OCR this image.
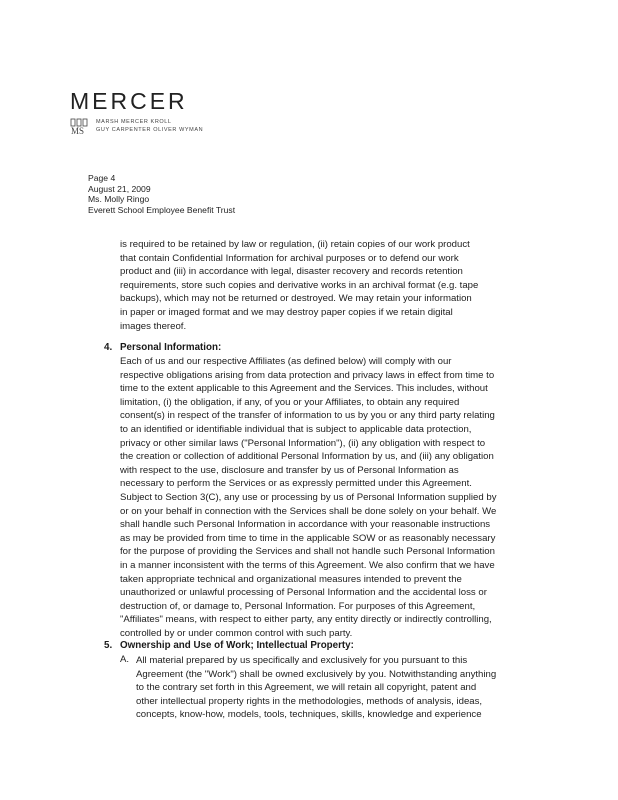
MERCER
MS
MARSH MERCER KROLL
GUY CARPENTER OLIVER WYMAN
Page 4
August 21, 2009
Ms. Molly Ringo
Everett School Employee Benefit Trust
is required to be retained by law or regulation, (ii) retain copies of our work product
that contain Confidential Information for archival purposes or to defend our work
product and (iii) in accordance with legal, disaster recovery and records retention
requirements, store such copies and derivative works in an archival format (e.g. tape
backups), which may not be returned or destroyed. We may retain your information
in paper or imaged format and we may destroy paper copies if we retain digital
images thereof.
4. Personal Information:
Each of us and our respective Affiliates (as defined below) will comply with our
respective obligations arising from data protection and privacy laws in effect from time to
time to the extent applicable to this Agreement and the Services. This includes, without
limitation, (i) the obligation, if any, of you or your Affiliates, to obtain any required
consent(s) in respect of the transfer of information to us by you or any third party relating
to an identified or identifiable individual that is subject to applicable data protection,
privacy or other similar laws ("Personal Information"), (ii) any obligation with respect to
the creation or collection of additional Personal Information by us, and (iii) any obligation
with respect to the use, disclosure and transfer by us of Personal Information as
necessary to perform the Services or as expressly permitted under this Agreement.
Subject to Section 3(C), any use or processing by us of Personal Information supplied by
or on your behalf in connection with the Services shall be done solely on your behalf. We
shall handle such Personal Information in accordance with your reasonable instructions
as may be provided from time to time in the applicable SOW or as reasonably necessary
for the purpose of providing the Services and shall not handle such Personal Information
in a manner inconsistent with the terms of this Agreement. We also confirm that we have
taken appropriate technical and organizational measures intended to prevent the
unauthorized or unlawful processing of Personal Information and the accidental loss or
destruction of, or damage to, Personal Information. For purposes of this Agreement,
"Affiliates" means, with respect to either party, any entity directly or indirectly controlling,
controlled by or under common control with such party.
5. Ownership and Use of Work; Intellectual Property:
A. All material prepared by us specifically and exclusively for you pursuant to this
Agreement (the "Work") shall be owned exclusively by you. Notwithstanding anything
to the contrary set forth in this Agreement, we will retain all copyright, patent and
other intellectual property rights in the methodologies, methods of analysis, ideas,
concepts, know-how, models, tools, techniques, skills, knowledge and experience
